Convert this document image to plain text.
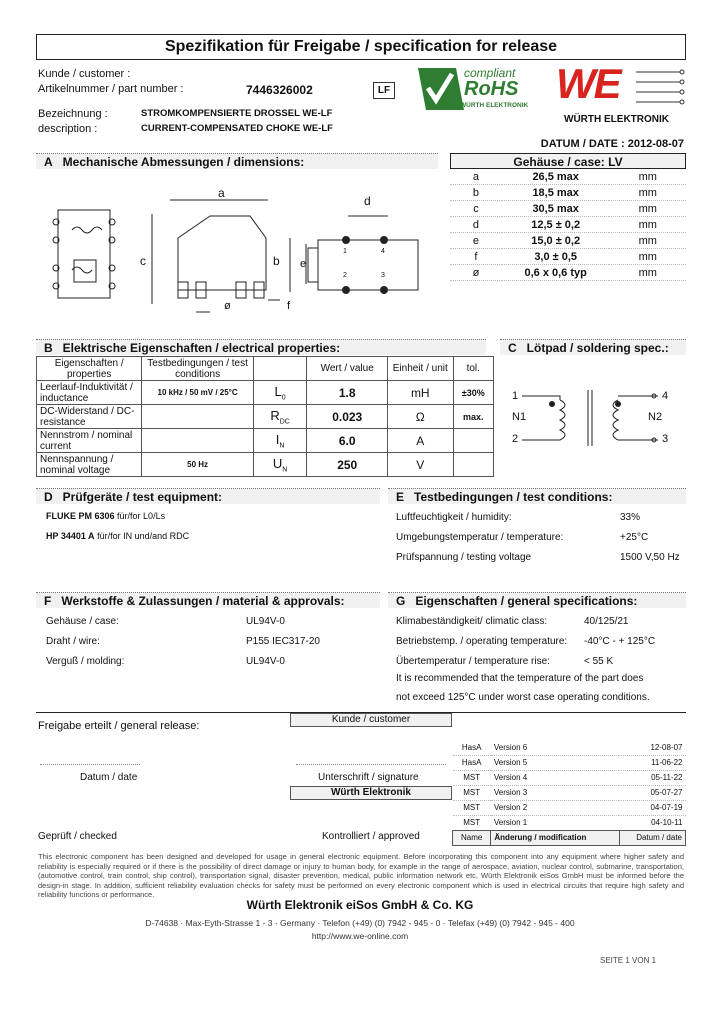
Spezifikation für Freigabe / specification for release
Kunde / customer :
Artikelnummer / part number :	7446326002	LF
Bezeichnung :	STROMKOMPENSIERTE DROSSEL WE-LF
description :	CURRENT-COMPENSATED CHOKE WE-LF
compliant
RoHS
WÜRTH ELEKTRONIK WE
WÜRTH ELEKTRONIK
DATUM / DATE : 2012-08-07
A Mechanische Abmessungen / dimensions:
a
c	b e
d
ø	f
1	4
2	3
Gehäuse / case: LV
a	26,5 max	mm
b	18,5 max	mm
c	30,5 max	mm
d	12,5 ± 0,2	mm
e	15,0 ± 0,2	mm
f	3,0 ± 0,5	mm
ø	0,6 x 0,6 typ	mm
B Elektrische Eigenschaften / electrical properties:
Eigenschaften / properties	Testbedingungen / test conditions		Wert / value	Einheit / unit	tol.
Leerlauf-Induktivität / inductance	10 kHz / 50 mV / 25°C	$L_0$	1.8	mH	±30%
DC-Widerstand / DC-resistance		$R_{DC}$	0.023	Ω	max.
Nennstrom / nominal current		$I_N$	6.0	A	
Nennspannung / nominal voltage	50 Hz	$U_N$	250	V	
C Lötpad / soldering spec.:
1
2
4
3
N1	N2
D Prüfgeräte / test equipment:
FLUKE PM 6306 für/for L0/Ls
HP 34401 A für/for IN und/and RDC
E Testbedingungen / test conditions:
Luftfeuchtigkeit / humidity:	33%
Umgebungstemperatur / temperature:	+25°C
Prüfspannung / testing voltage	1500 V,50 Hz
F Werkstoffe & Zulassungen / material & approvals:
Gehäuse / case:	UL94V-0
Draht / wire:	P155 IEC317-20
Verguß / molding:	UL94V-0
G Eigenschaften / general specifications:
Klimabeständigkeit/ climatic class:	40/125/21
Betriebstemp. / operating temperature: -40°C - + 125°C
Übertemperatur / temperature rise:	< 55 K
It is recommended that the temperature of the part does
not exceed 125°C under worst case operating conditions.
Freigabe erteilt / general release:
Kunde / customer
Datum / date	Unterschrift / signature
Würth Elektronik
Geprüft / checked	Kontrolliert / approved
HasA	Version 6	12-08-07
HasA	Version 5	11-06-22
MST	Version 4	05-11-22
MST	Version 3	05-07-27
MST	Version 2	04-07-19
MST	Version 1	04-10-11
Name	Änderung / modification	Datum / date
This electronic component has been designed and developed for usage in general electronic equipment. Before incorporating this component into any equipment where higher safety and reliability is especially required or if there is the possibility of direct damage or injury to human body, for example in the range of aerospace, aviation, nuclear control, submarine, transportation, (automotive control, train control, ship control), transportation signal, disaster prevention, medical, public information network etc, Würth Elektronik eiSos GmbH must be informed before the design-in stage. In addition, sufficient reliability evaluation checks for safety must be performed on every electronic component which is used in electrical circuits that require high safety and reliability functions or performance.
Würth Elektronik eiSos GmbH & Co. KG
D-74638 · Max-Eyth-Strasse 1 - 3 · Germany · Telefon (+49) (0) 7942 - 945 - 0 · Telefax (+49) (0) 7942 - 945 - 400
http://www.we-online.com
SEITE 1 VON 1
